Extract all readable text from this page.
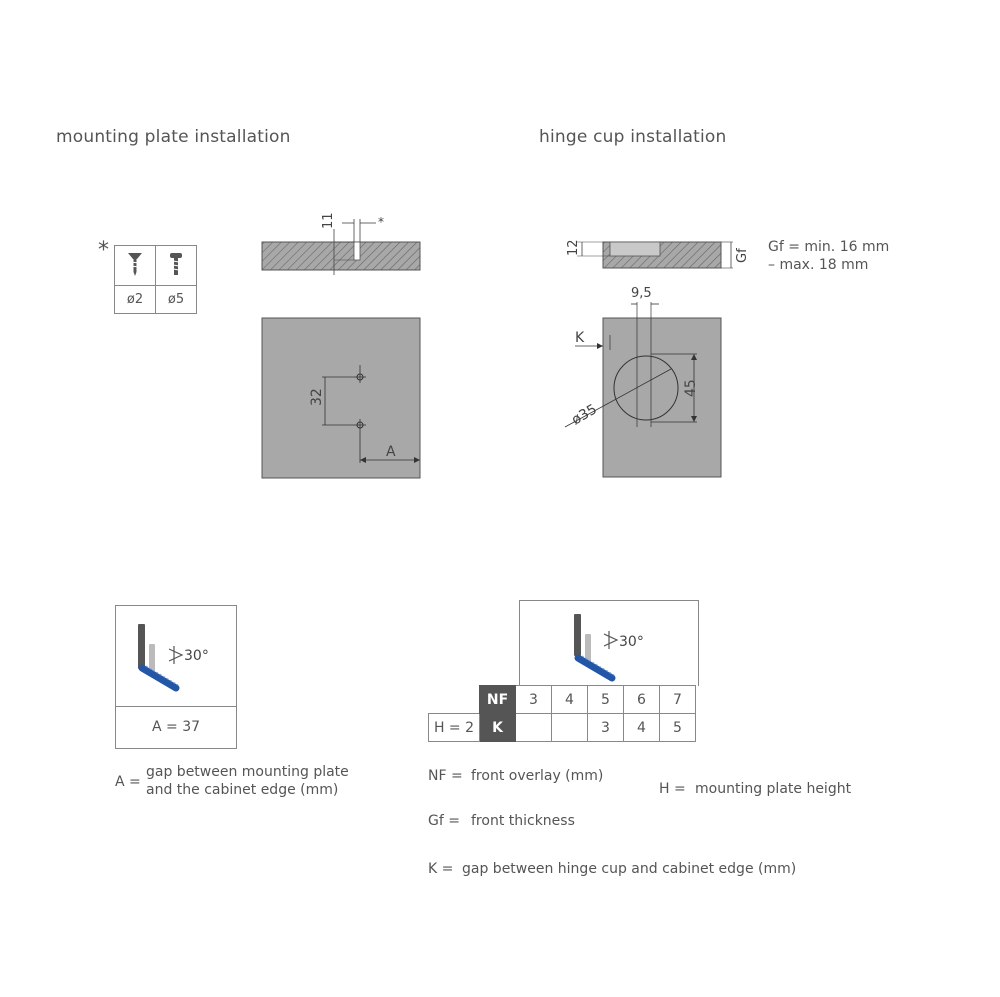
mounting plate installation	hinge cup installation
*

ø2	ø5
11	*
32
A
12	Gf
9,5
45
K
ø35
Gf = min. 16 mm
– max. 18 mm
30°
A = 37
30°
	NF	3	4	5	6	7
H = 2	K			3	4	5
A =
gap between mounting plate
and the cabinet edge (mm)
NF = front overlay (mm)
H = mounting plate height
Gf = front thickness
K = gap between hinge cup and cabinet edge (mm)
